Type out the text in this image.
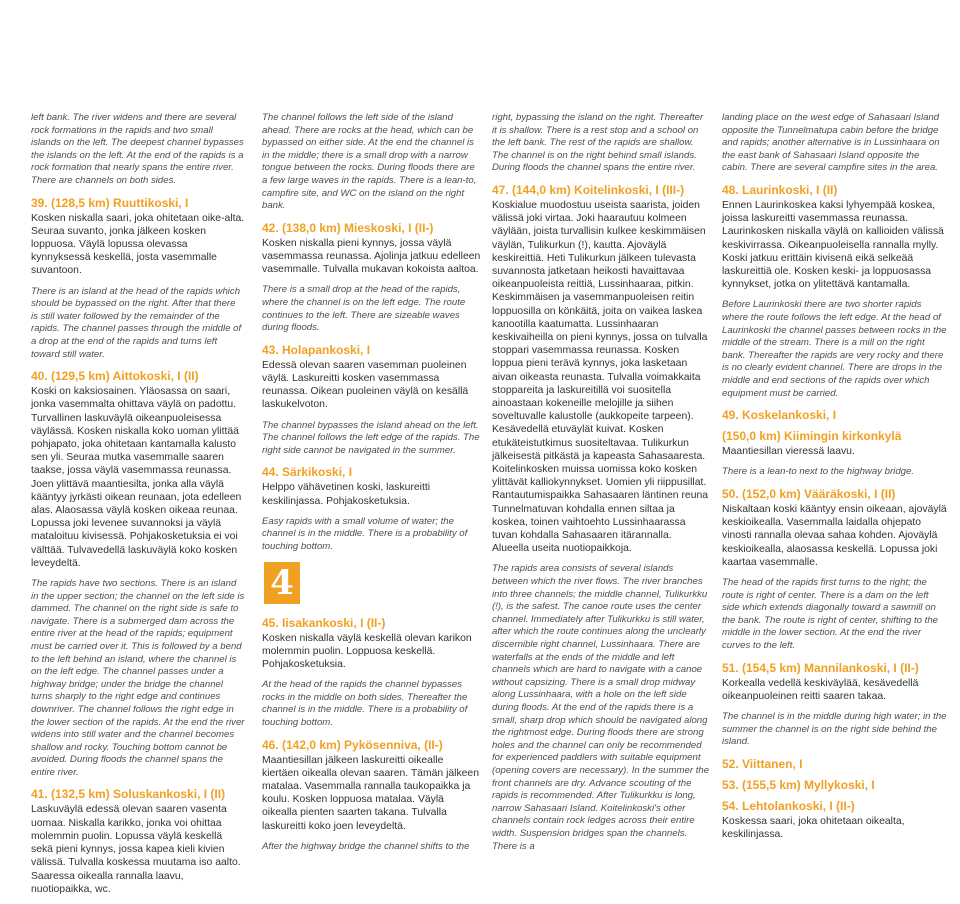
left bank. The river widens and there are several rock formations in the rapids and two small islands on the left. The deepest channel bypasses the islands on the left. At the end of the rapids is a rock formation that nearly spans the entire river. There are channels on both sides.

39. (128,5 km) Ruuttikoski, I

Kosken niskalla saari, joka ohitetaan oike-alta. Seuraa suvanto, jonka jälkeen kosken loppuosa. Väylä lopussa olevassa kynnyksessä keskellä, josta vasemmalle suvantoon.

There is an island at the head of the rapids which should be bypassed on the right. After that there is still water followed by the remainder of the rapids. The channel passes through the middle of a drop at the end of the rapids and turns left toward still water.

40. (129,5 km) Aittokoski, I (II)

Koski on kaksiosainen. Yläosassa on saari, jonka vasemmalta ohittava väylä on padottu. Turvallinen laskuväylä oikeanpuoleisessa väylässä. Kosken niskalla koko uoman ylittää pohjapato, joka ohitetaan kantamalla kalusto sen yli. Seuraa mutka vasemmalle saaren taakse, jossa väylä vasemmassa reunassa. Joen ylittävä maantiesilta, jonka alla väylä kääntyy jyrkästi oikean reunaan, jota edelleen alas. Alaosassa väylä kosken oikeaa reunaa. Lopussa joki levenee suvannoksi ja väylä mataloituu kivisessä. Pohjakosketuksia ei voi välttää. Tulvavedellä laskuväylä koko kosken leveydeltä.

The rapids have two sections. There is an island in the upper section; the channel on the left side is dammed. The channel on the right side is safe to navigate. There is a submerged dam across the entire river at the head of the rapids; equipment must be carried over it. This is followed by a bend to the left behind an island, where the channel is on the left edge. The channel passes under a highway bridge; under the bridge the channel turns sharply to the right edge and continues downriver. The channel follows the right edge in the lower section of the rapids. At the end the river widens into still water and the channel becomes shallow and rocky. Touching bottom cannot be avoided. During floods the channel spans the entire river.

41. (132,5 km) Soluskankoski, I (II)

Laskuväylä edessä olevan saaren vasenta uomaa. Niskalla karikko, jonka voi ohittaa molemmin puolin. Lopussa väylä keskellä sekä pieni kynnys, jossa kapea kieli kivien välissä. Tulvalla koskessa muutama iso aalto. Saaressa oikealla rannalla laavu, nuotiopaikka, wc.

The channel follows the left side of the island ahead. There are rocks at the head, which can be bypassed on either side. At the end the channel is in the middle; there is a small drop with a narrow tongue between the rocks. During floods there are a few large waves in the rapids. There is a lean-to, campfire site, and WC on the island on the right bank.

42. (138,0 km) Mieskoski, I (II-)

Kosken niskalla pieni kynnys, jossa väylä vasemmassa reunassa. Ajolinja jatkuu edelleen vasemmalle. Tulvalla mukavan kokoista aaltoa.

There is a small drop at the head of the rapids, where the channel is on the left edge. The route continues to the left. There are sizeable waves during floods.

43. Holapankoski, I

Edessä olevan saaren vasemman puoleinen väylä. Laskureitti kosken vasemmassa reunassa. Oikean puoleinen väylä on kesällä laskukelvoton.

The channel bypasses the island ahead on the left. The channel follows the left edge of the rapids. The right side cannot be navigated in the summer.

44. Särkikoski, I

Helppo vähävetinen koski, laskureitti keskilinjassa. Pohjakosketuksia.

Easy rapids with a small volume of water; the channel is in the middle. There is a probability of touching bottom.

4
45. Iisakankoski, I (II-)

Kosken niskalla väylä keskellä olevan karikon molemmin puolin. Loppuosa keskellä. Pohjakosketuksia.

At the head of the rapids the channel bypasses rocks in the middle on both sides. Thereafter the channel is in the middle. There is a probability of touching bottom.

46. (142,0 km) Pykösenniva, (II-)

Maantiesillan jälkeen laskureitti oikealle kiertäen oikealla olevan saaren. Tämän jälkeen matalaa. Vasemmalla rannalla taukopaikka ja koulu. Kosken loppuosa matalaa. Väylä oikealla pienten saarten takana. Tulvalla laskureitti koko joen leveydeltä.

After the highway bridge the channel shifts to the

right, bypassing the island on the right. Thereafter it is shallow. There is a rest stop and a school on the left bank. The rest of the rapids are shallow. The channel is on the right behind small islands. During floods the channel spans the entire river.

47. (144,0 km) Koitelinkoski, I (III-)

Koskialue muodostuu useista saarista, joiden välissä joki virtaa. Joki haarautuu kolmeen väylään, joista turvallisin kulkee keskimmäisen väylän, Tulikurkun (!), kautta. Ajoväylä keskireittiä. Heti Tulikurkun jälkeen tulevasta suvannosta jatketaan heikosti havaittavaa oikeanpuoleista reittiä, Lussinhaaraa, pitkin. Keskimmäisen ja vasemmanpuoleisen reitin loppuosilla on könkäitä, joita on vaikea laskea kanootilla kaatumatta. Lussinhaaran keskivaiheilla on pieni kynnys, jossa on tulvalla stoppari vasemmassa reunassa. Kosken loppua pieni terävä kynnys, joka lasketaan aivan oikeasta reunasta. Tulvalla voimakkaita stoppareita ja laskureitillä voi suositella ainoastaan kokeneille melojille ja siihen soveltuvalle kalustolle (aukkopeite tarpeen). Kesävedellä etuväylät kuivat. Kosken etukäteistutkimus suositeltavaa. Tulikurkun jälkeisestä pitkästä ja kapeasta Sahasaaresta. Koitelinkosken muissa uomissa koko kosken ylittävät kalliokynnykset. Uomien yli riippusillat. Rantautumispaikka Sahasaaren läntinen reuna Tunnelmatuvan kohdalla ennen siltaa ja koskea, toinen vaihtoehto Lussinhaarassa tuvan kohdalla Sahasaaren itärannalla. Alueella useita nuotiopaikkoja.

The rapids area consists of several islands between which the river flows. The river branches into three channels; the middle channel, Tulikurkku (!), is the safest. The canoe route uses the center channel. Immediately after Tulikurkku is still water, after which the route continues along the unclearly discernible right channel, Lussinhaara. There are waterfalls at the ends of the middle and left channels which are hard to navigate with a canoe without capsizing. There is a small drop midway along Lussinhaara, with a hole on the left side during floods. At the end of the rapids there is a small, sharp drop which should be navigated along the rightmost edge. During floods there are strong holes and the channel can only be recommended for experienced paddlers with suitable equipment (opening covers are necessary). In the summer the front channels are dry. Advance scouting of the rapids is recommended. After Tulikurkku is long, narrow Sahasaari Island. Koitelinkoski's other channels contain rock ledges across their entire width. Suspension bridges span the channels. There is a

landing place on the west edge of Sahasaari Island opposite the Tunnelmatupa cabin before the bridge and rapids; another alternative is in Lussinhaara on the east bank of Sahasaari Island opposite the cabin. There are several campfire sites in the area.

48. Laurinkoski, I (II)

Ennen Laurinkoskea kaksi lyhyempää koskea, joissa laskureitti vasemmassa reunassa. Laurinkosken niskalla väylä on kallioiden välissä keskivirrassa. Oikeanpuoleisella rannalla mylly. Koski jatkuu erittäin kivisenä eikä selkeää laskureittiä ole. Kosken keski- ja loppuosassa kynnykset, jotka on ylitettävä kantamalla.

Before Laurinkoski there are two shorter rapids where the route follows the left edge. At the head of Laurinkoski the channel passes between rocks in the middle of the stream. There is a mill on the right bank. Thereafter the rapids are very rocky and there is no clearly evident channel. There are drops in the middle and end sections of the rapids over which equipment must be carried.

49. Koskelankoski, I
(150,0 km) Kiimingin kirkonkylä

Maantiesillan vieressä laavu.

There is a lean-to next to the highway bridge.

50. (152,0 km) Vääräkoski, I (II)

Niskaltaan koski kääntyy ensin oikeaan, ajoväylä keskioikealla. Vasemmalla laidalla ohjepato vinosti rannalla olevaa sahaa kohden. Ajoväylä keskioikealla, alaosassa keskellä. Lopussa joki kaartaa vasemmalle.

The head of the rapids first turns to the right; the route is right of center. There is a dam on the left side which extends diagonally toward a sawmill on the bank. The route is right of center, shifting to the middle in the lower section. At the end the river curves to the left.

51. (154,5 km) Mannilankoski, I (II-)

Korkealla vedellä keskiväylää, kesävedellä oikeanpuoleinen reitti saaren takaa.

The channel is in the middle during high water; in the summer the channel is on the right side behind the island.

52. Viittanen, I
53. (155,5 km) Myllykoski, I
54. Lehtolankoski, I (II-)

Koskessa saari, joka ohitetaan oikealta, keskilinjassa.
